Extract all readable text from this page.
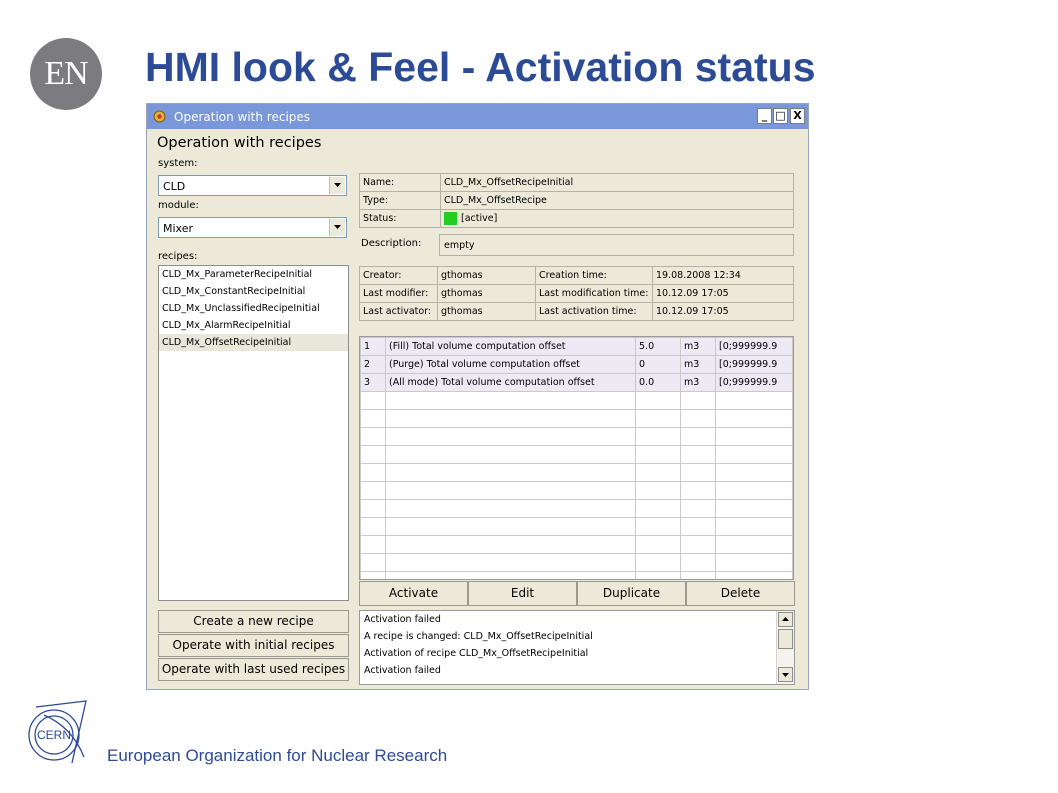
EN	HMI look & Feel - Activation status
CERN
European Organization for Nuclear Research
Operation with recipes	_ □ X
Operation with recipes
system:
CLD
module:
Mixer
recipes:
CLD_Mx_ParameterRecipeInitial
CLD_Mx_ConstantRecipeInitial
CLD_Mx_UnclassifiedRecipeInitial
CLD_Mx_AlarmRecipeInitial
CLD_Mx_OffsetRecipeInitial
Create a new recipe
Operate with initial recipes
Operate with last used recipes
Name:	CLD_Mx_OffsetRecipeInitial
Type:	CLD_Mx_OffsetRecipe
Status:	[active]
Description:	empty
Creator:	gthomas	Creation time:	19.08.2008 12:34
Last modifier:	gthomas	Last modification time:	10.12.09 17:05
Last activator:	gthomas	Last activation time:	10.12.09 17:05
1	(Fill) Total volume computation offset	5.0	m3	[0;999999.9
2	(Purge) Total volume computation offset	0	m3	[0;999999.9
3	(All mode) Total volume computation offset	0.0	m3	[0;999999.9

Activate	Edit	Duplicate	Delete
Activation failed
A recipe is changed: CLD_Mx_OffsetRecipeInitial
Activation of recipe CLD_Mx_OffsetRecipeInitial
Activation failed
